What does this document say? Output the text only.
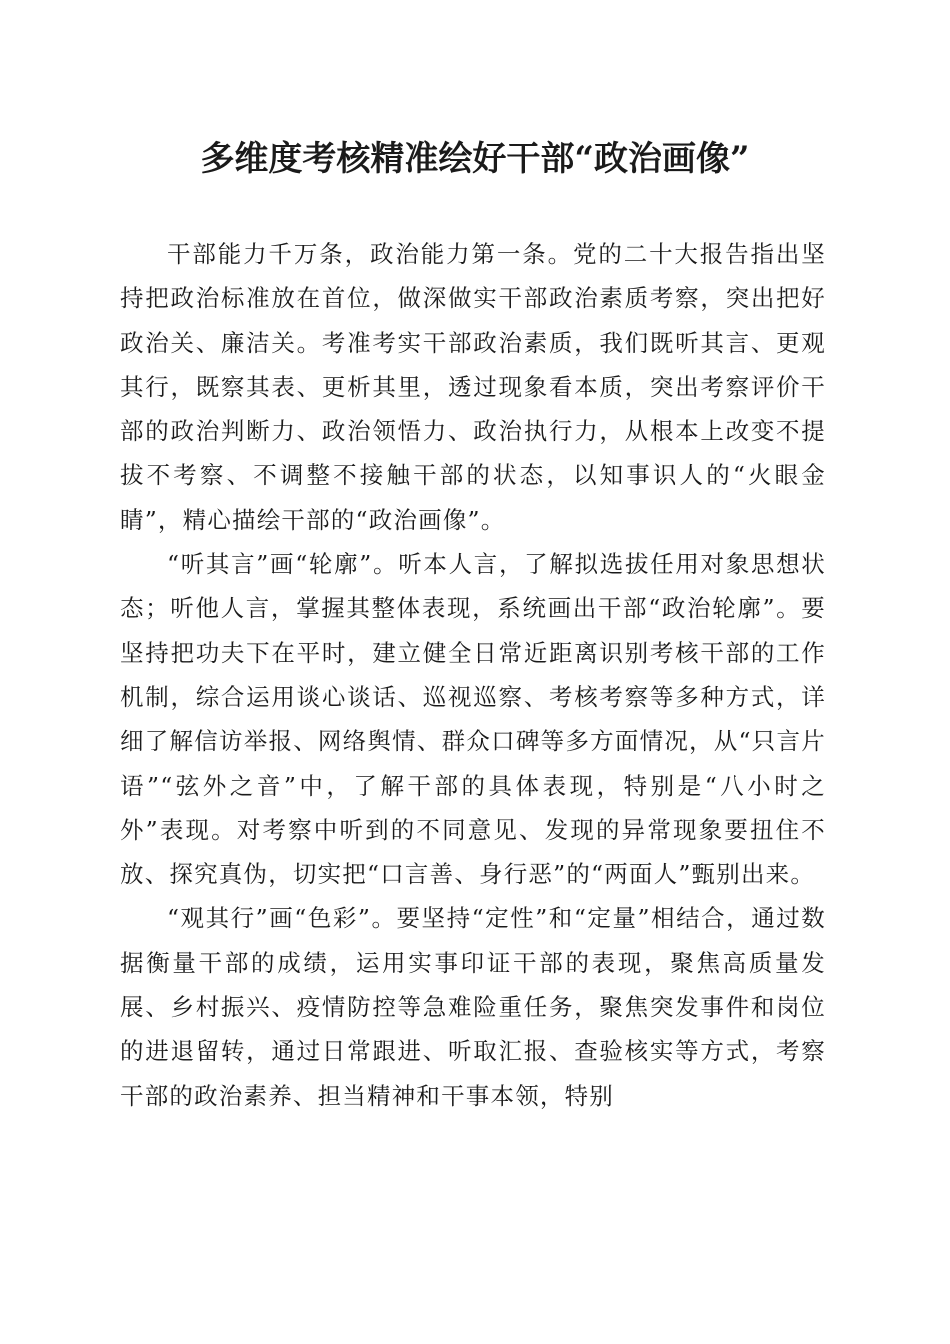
多维度考核精准绘好干部“政治画像”

干部能力千万条，政治能力第一条。党的二十大报告指出坚持把政治标准放在首位，做深做实干部政治素质考察，突出把好政治关、廉洁关。考准考实干部政治素质，我们既听其言、更观其行，既察其表、更析其里，透过现象看本质，突出考察评价干部的政治判断力、政治领悟力、政治执行力，从根本上改变不提拔不考察、不调整不接触干部的状态，以知事识人的“火眼金睛”，精心描绘干部的“政治画像”。

“听其言”画“轮廓”。听本人言，了解拟选拔任用对象思想状态；听他人言，掌握其整体表现，系统画出干部“政治轮廓”。要坚持把功夫下在平时，建立健全日常近距离识别考核干部的工作机制，综合运用谈心谈话、巡视巡察、考核考察等多种方式，详细了解信访举报、网络舆情、群众口碑等多方面情况，从“只言片语”“弦外之音”中，了解干部的具体表现，特别是“八小时之外”表现。对考察中听到的不同意见、发现的异常现象要扭住不放、探究真伪，切实把“口言善、身行恶”的“两面人”甄别出来。

“观其行”画“色彩”。要坚持“定性”和“定量”相结合，通过数据衡量干部的成绩，运用实事印证干部的表现，聚焦高质量发展、乡村振兴、疫情防控等急难险重任务，聚焦突发事件和岗位的进退留转，通过日常跟进、听取汇报、查验核实等方式，考察干部的政治素养、担当精神和干事本领，特别
